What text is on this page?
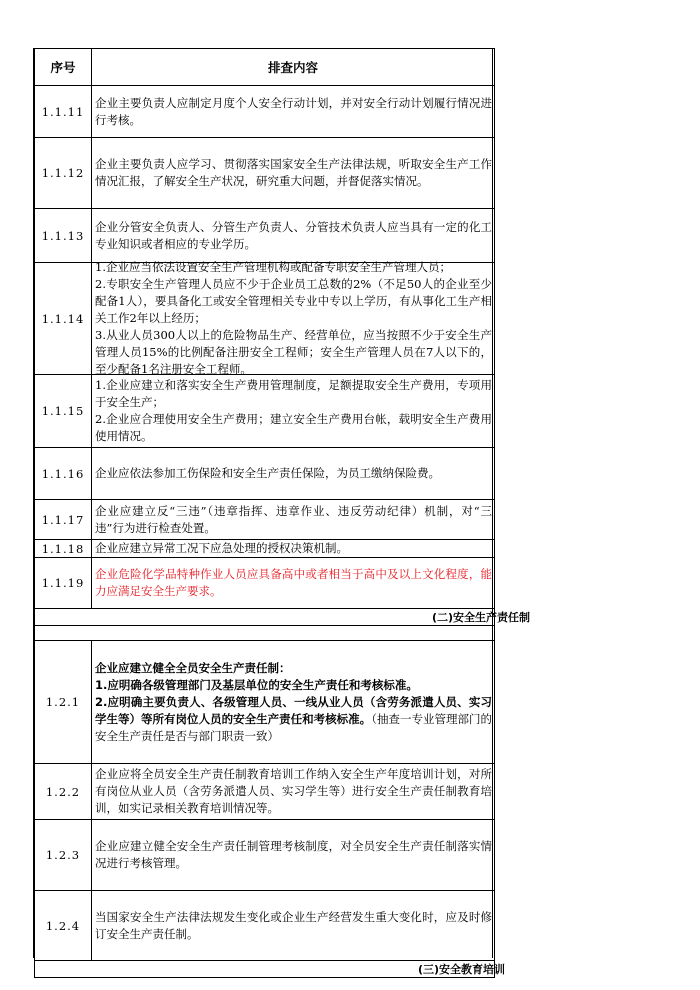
序号	排查内容
1.1.11	企业主要负责人应制定月度个人安全行动计划，并对安全行动计划履行情况进行考核。
1.1.12	企业主要负责人应学习、贯彻落实国家安全生产法律法规，听取安全生产工作情况汇报，了解安全生产状况，研究重大问题，并督促落实情况。
1.1.13	企业分管安全负责人、分管生产负责人、分管技术负责人应当具有一定的化工专业知识或者相应的专业学历。
1.1.14	1.企业应当依法设置安全生产管理机构或配备专职安全生产管理人员；
2.专职安全生产管理人员应不少于企业员工总数的2%（不足50人的企业至少配备1人），要具备化工或安全管理相关专业中专以上学历，有从事化工生产相关工作2年以上经历；
3.从业人员300人以上的危险物品生产、经营单位，应当按照不少于安全生产管理人员15%的比例配备注册安全工程师；安全生产管理人员在7人以下的，至少配备1名注册安全工程师。

1.1.15	1.企业应建立和落实安全生产费用管理制度，足额提取安全生产费用，专项用于安全生产；
2.企业应合理使用安全生产费用；建立安全生产费用台帐，载明安全生产费用使用情况。

1.1.16	企业应依法参加工伤保险和安全生产责任保险，为员工缴纳保险费。
1.1.17	企业应建立反“三违”（违章指挥、违章作业、违反劳动纪律）机制，对“三违”行为进行检查处置。
1.1.18	企业应建立异常工况下应急处理的授权决策机制。
1.1.19	企业危险化学品特种作业人员应具备高中或者相当于高中及以上文化程度，能力应满足安全生产要求。

(二)安全生产责任制	

1.2.1	企业应建立健全全员安全生产责任制：
1.应明确各级管理部门及基层单位的安全生产责任和考核标准。
2.应明确主要负责人、各级管理人员、一线从业人员（含劳务派遣人员、实习学生等）等所有岗位人员的安全生产责任和考核标准。（抽查一专业管理部门的安全生产责任是否与部门职责一致）

1.2.2	企业应将全员安全生产责任制教育培训工作纳入安全生产年度培训计划，对所有岗位从业人员（含劳务派遣人员、实习学生等）进行安全生产责任制教育培训，如实记录相关教育培训情况等。
1.2.3	企业应建立健全安全生产责任制管理考核制度，对全员安全生产责任制落实情况进行考核管理。
1.2.4	当国家安全生产法律法规发生变化或企业生产经营发生重大变化时，应及时修订安全生产责任制。

(三)安全教育培训	
